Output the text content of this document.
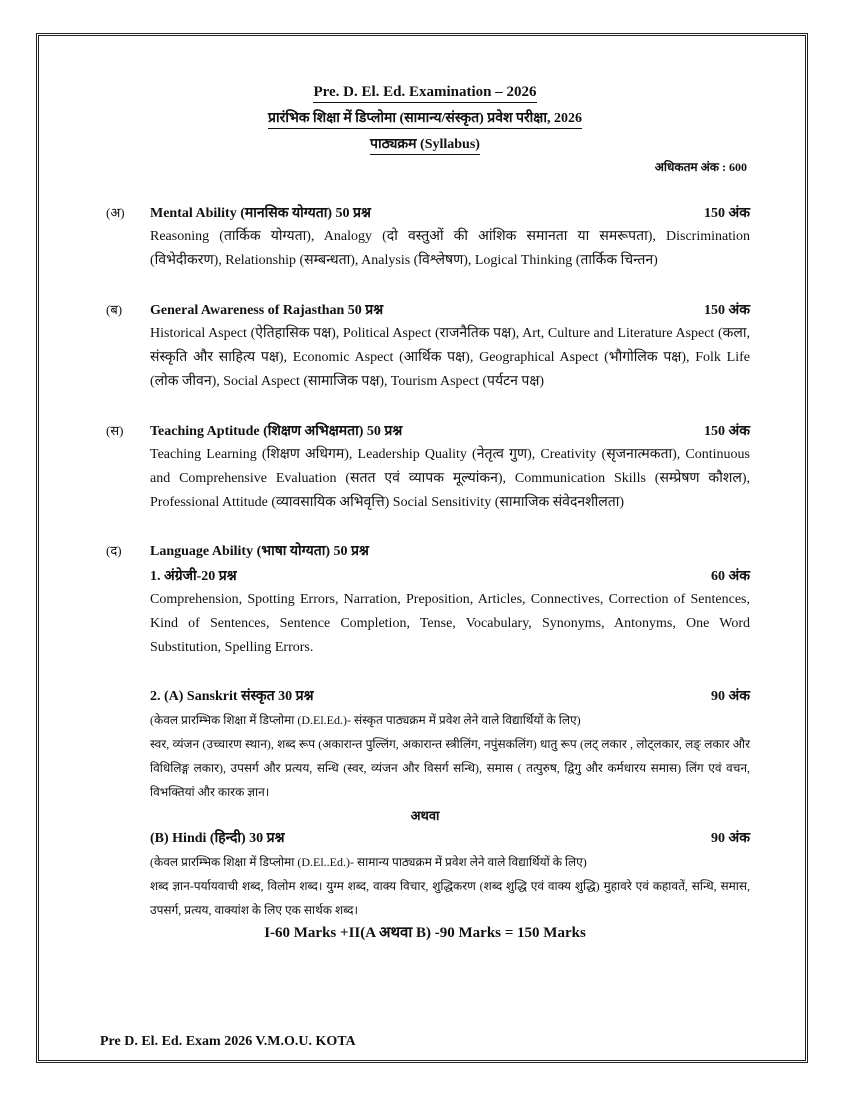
Pre. D. El. Ed. Examination – 2026
प्रारंभिक शिक्षा में डिप्लोमा (सामान्य/संस्कृत) प्रवेश परीक्षा, 2026
पाठ्यक्रम (Syllabus)
अधिकतम अंक : 600
(अ) Mental Ability (मानसिक योग्यता) 50 प्रश्न	150 अंक
Reasoning (तार्किक योग्यता), Analogy (दो वस्तुओं की आंशिक समानता या समरूपता), Discrimination (विभेदीकरण), Relationship (सम्बन्धता), Analysis (विश्लेषण), Logical Thinking (तार्किक चिन्तन)
(ब) General Awareness of Rajasthan 50 प्रश्न	150 अंक
Historical Aspect (ऐतिहासिक पक्ष), Political Aspect (राजनैतिक पक्ष), Art, Culture and Literature Aspect (कला, संस्कृति और साहित्य पक्ष), Economic Aspect (आर्थिक पक्ष), Geographical Aspect (भौगोलिक पक्ष), Folk Life (लोक जीवन), Social Aspect (सामाजिक पक्ष), Tourism Aspect (पर्यटन पक्ष)
(स) Teaching Aptitude (शिक्षण अभिक्षमता) 50 प्रश्न	150 अंक
Teaching Learning (शिक्षण अधिगम), Leadership Quality (नेतृत्व गुण), Creativity (सृजनात्मकता), Continuous and Comprehensive Evaluation (सतत एवं व्यापक मूल्यांकन), Communication Skills (सम्प्रेषण कौशल), Professional Attitude (व्यावसायिक अभिवृत्ति) Social Sensitivity (सामाजिक संवेदनशीलता)
(द) Language Ability (भाषा योग्यता) 50 प्रश्न
1. अंग्रेजी-20 प्रश्न	60 अंक
Comprehension, Spotting Errors, Narration, Preposition, Articles, Connectives, Correction of Sentences, Kind of Sentences, Sentence Completion, Tense, Vocabulary, Synonyms, Antonyms, One Word Substitution, Spelling Errors.
2. (A) Sanskrit संस्कृत 30 प्रश्न	90 अंक
(केवल प्रारम्भिक शिक्षा में डिप्लोमा (D.El.Ed.)- संस्कृत पाठ्यक्रम में प्रवेश लेने वाले विद्यार्थियों के लिए)
स्वर, व्यंजन (उच्चारण स्थान), शब्द रूप (अकारान्त पुल्लिंग, अकारान्त स्त्रीलिंग, नपुंसकलिंग) धातु रूप (लट् लकार , लोट्लकार, लङ् लकार और विधिलिङ्ग लकार), उपसर्ग और प्रत्यय, सन्धि (स्वर, व्यंजन और विसर्ग सन्धि), समास ( तत्पुरुष, द्विगु और कर्मधारय समास) लिंग एवं वचन, विभक्तियां और कारक ज्ञान।
अथवा
(B) Hindi (हिन्दी) 30 प्रश्न	90 अंक
(केवल प्रारम्भिक शिक्षा में डिप्लोमा (D.El..Ed.)- सामान्य पाठ्यक्रम में प्रवेश लेने वाले विद्यार्थियों के लिए)
शब्द ज्ञान-पर्यायवाची शब्द, विलोम शब्द। युग्म शब्द, वाक्य विचार, शुद्धिकरण (शब्द शुद्धि एवं वाक्य शुद्धि) मुहावरे एवं कहावतें, सन्धि, समास, उपसर्ग, प्रत्यय, वाक्यांश के लिए एक सार्थक शब्द।
I-60 Marks +II(A अथवा B) -90 Marks = 150 Marks
Pre D. El. Ed. Exam 2026 V.M.O.U. KOTA
